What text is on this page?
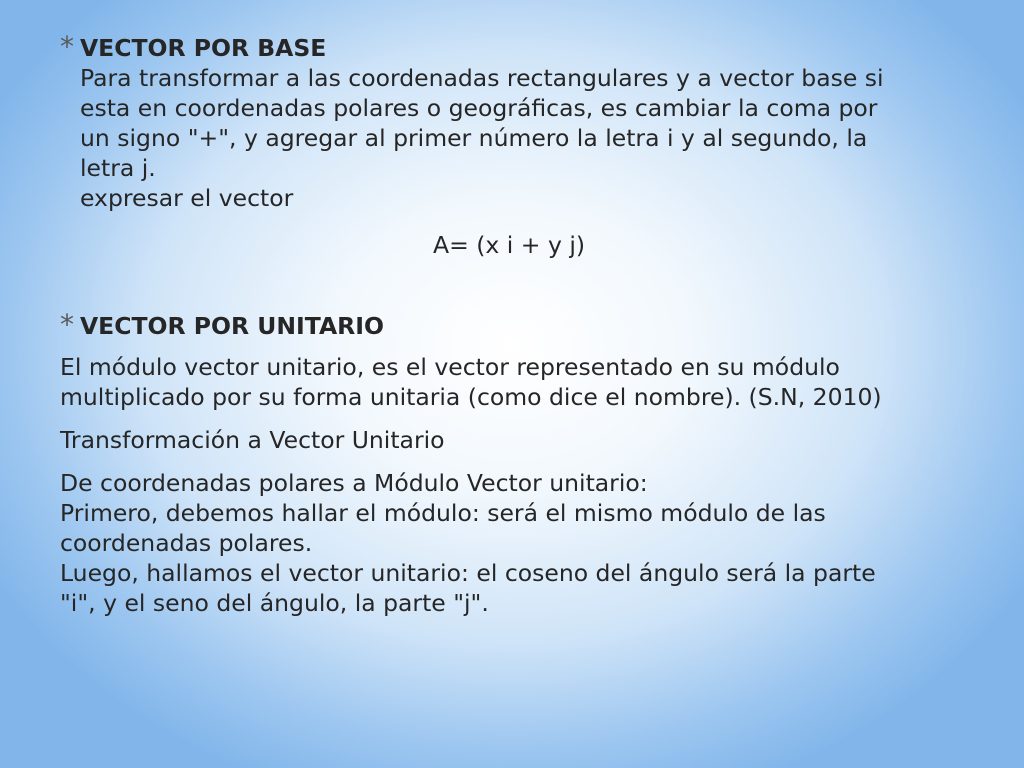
* VECTOR POR BASE
Para transformar a las coordenadas rectangulares y a vector base si
esta en coordenadas polares o geográficas, es cambiar la coma por
un signo "+", y agregar al primer número la letra i y al segundo, la
letra j.
expresar el vector
A= (x i + y j)
* VECTOR POR UNITARIO
El módulo vector unitario, es el vector representado en su módulo
multiplicado por su forma unitaria (como dice el nombre). (S.N, 2010)
Transformación a Vector Unitario
De coordenadas polares a Módulo Vector unitario:
Primero, debemos hallar el módulo: será el mismo módulo de las
coordenadas polares.
Luego, hallamos el vector unitario: el coseno del ángulo será la parte
"i", y el seno del ángulo, la parte "j".
